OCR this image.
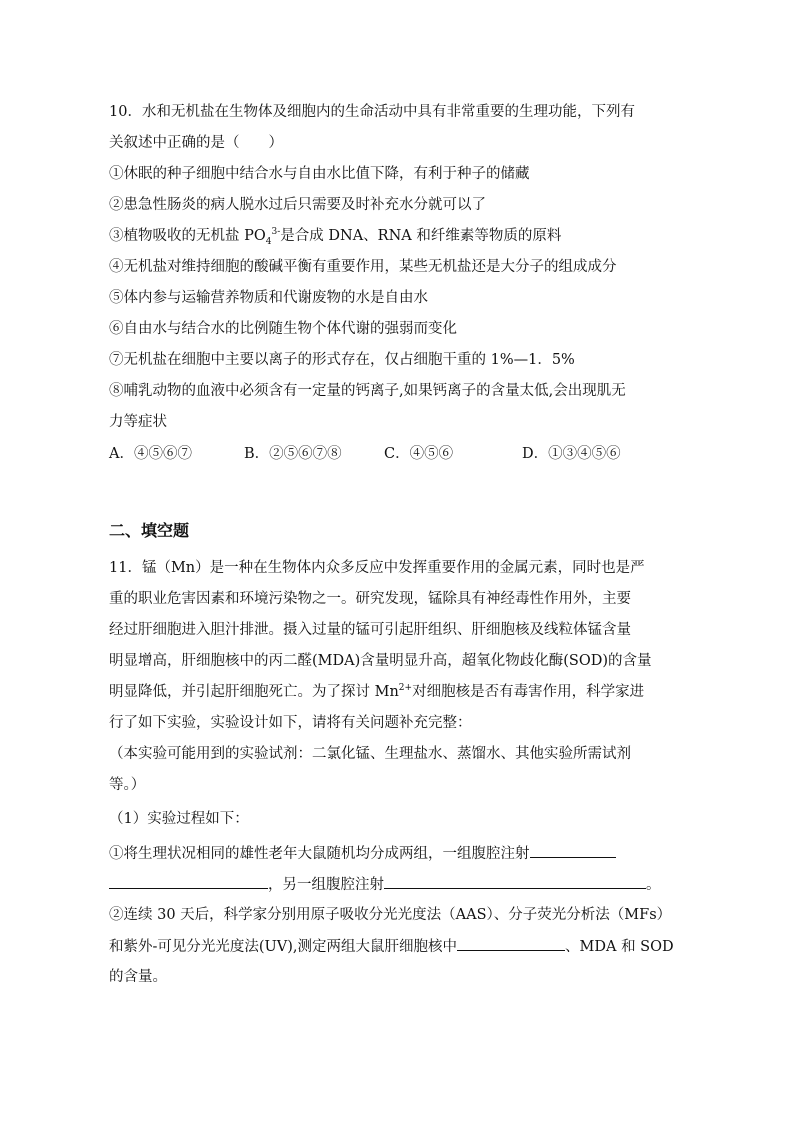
10．水和无机盐在生物体及细胞内的生命活动中具有非常重要的生理功能，下列有
关叙述中正确的是（　　）
①休眠的种子细胞中结合水与自由水比值下降，有利于种子的储藏
②患急性肠炎的病人脱水过后只需要及时补充水分就可以了
③植物吸收的无机盐 $PO_4^{3-}$是合成 DNA、RNA 和纤维素等物质的原料
④无机盐对维持细胞的酸碱平衡有重要作用，某些无机盐还是大分子的组成成分
⑤体内参与运输营养物质和代谢废物的水是自由水
⑥自由水与结合水的比例随生物个体代谢的强弱而变化
⑦无机盐在细胞中主要以离子的形式存在，仅占细胞干重的 1%—1．5%
⑧哺乳动物的血液中必须含有一定量的钙离子,如果钙离子的含量太低,会出现肌无
力等症状
A．④⑤⑥⑦	B．②⑤⑥⑦⑧	C．④⑤⑥	D．①③④⑤⑥
二、填空题
11．锰（Mn）是一种在生物体内众多反应中发挥重要作用的金属元素，同时也是严
重的职业危害因素和环境污染物之一。研究发现，锰除具有神经毒性作用外，主要
经过肝细胞进入胆汁排泄。摄入过量的锰可引起肝组织、肝细胞核及线粒体锰含量
明显增高，肝细胞核中的丙二醛(MDA)含量明显升高，超氧化物歧化酶(SOD)的含量
明显降低，并引起肝细胞死亡。为了探讨 $Mn^{2+}$对细胞核是否有毒害作用，科学家进
行了如下实验，实验设计如下，请将有关问题补充完整：
（本实验可能用到的实验试剂：二氯化锰、生理盐水、蒸馏水、其他实验所需试剂
等。）
（1）实验过程如下：
①将生理状况相同的雄性老年大鼠随机均分成两组，一组腹腔注射
，另一组腹腔注射	。
②连续 30 天后，科学家分别用原子吸收分光光度法（AAS）、分子荧光分析法（MFs）
和紫外-可见分光光度法(UV),测定两组大鼠肝细胞核中	、MDA 和 SOD
的含量。
